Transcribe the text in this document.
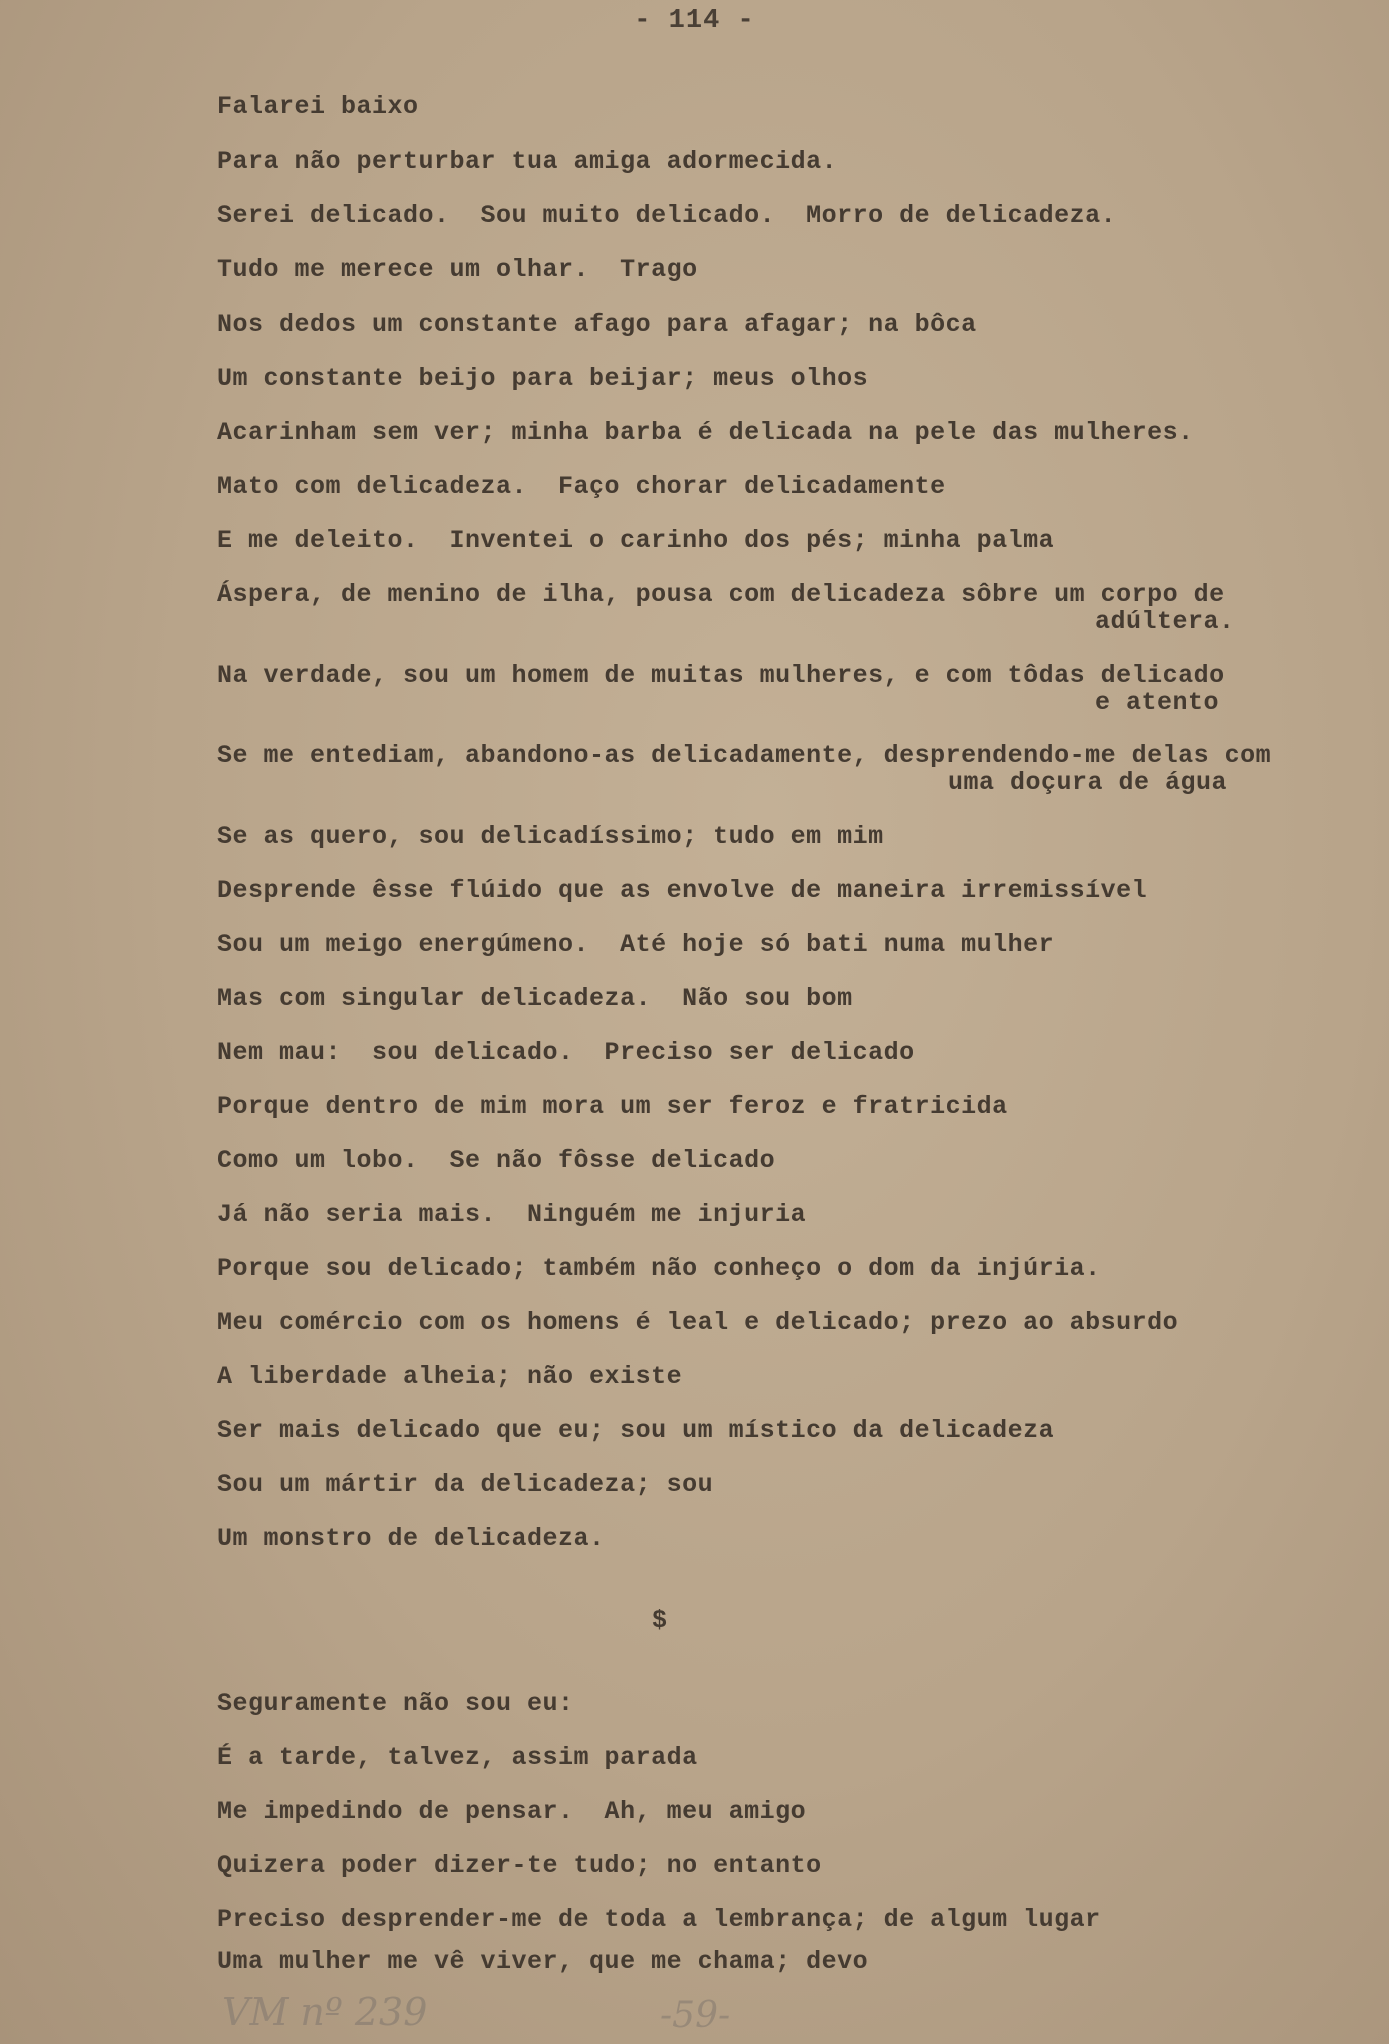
- 114 -
Falarei baixo
Para não perturbar tua amiga adormecida.
Serei delicado.  Sou muito delicado.  Morro de delicadeza.
Tudo me merece um olhar.  Trago
Nos dedos um constante afago para afagar; na bôca
Um constante beijo para beijar; meus olhos
Acarinham sem ver; minha barba é delicada na pele das mulheres.
Mato com delicadeza.  Faço chorar delicadamente
E me deleito.  Inventei o carinho dos pés; minha palma
Áspera, de menino de ilha, pousa com delicadeza sôbre um corpo de
adúltera.
Na verdade, sou um homem de muitas mulheres, e com tôdas delicado
e atento
Se me entediam, abandono-as delicadamente, desprendendo-me delas com
uma doçura de água
Se as quero, sou delicadíssimo; tudo em mim
Desprende êsse flúido que as envolve de maneira irremissível
Sou um meigo energúmeno.  Até hoje só bati numa mulher
Mas com singular delicadeza.  Não sou bom
Nem mau:  sou delicado.  Preciso ser delicado
Porque dentro de mim mora um ser feroz e fratricida
Como um lobo.  Se não fôsse delicado
Já não seria mais.  Ninguém me injuria
Porque sou delicado; também não conheço o dom da injúria.
Meu comércio com os homens é leal e delicado; prezo ao absurdo
A liberdade alheia; não existe
Ser mais delicado que eu; sou um místico da delicadeza
Sou um mártir da delicadeza; sou
Um monstro de delicadeza.
$
Seguramente não sou eu:
É a tarde, talvez, assim parada
Me impedindo de pensar.  Ah, meu amigo
Quizera poder dizer-te tudo; no entanto
Preciso desprender-me de toda a lembrança; de algum lugar
Uma mulher me vê viver, que me chama; devo
VM nº 239	-59-
